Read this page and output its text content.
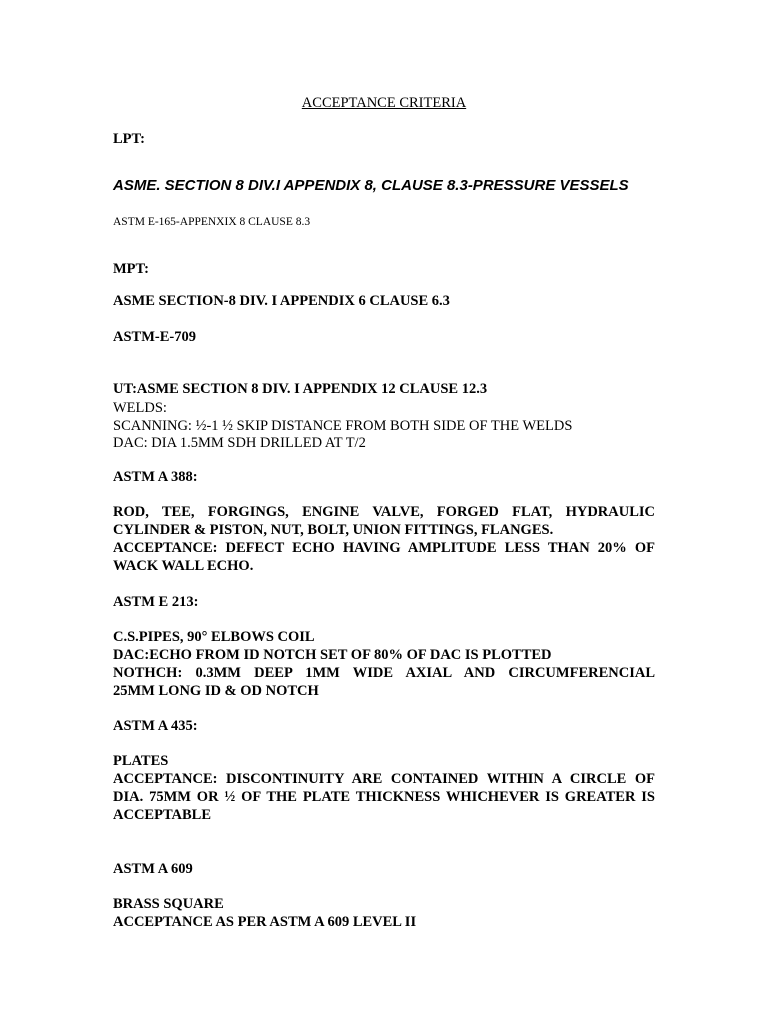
ACCEPTANCE CRITERIA
LPT:
ASME. SECTION 8 DIV.I APPENDIX 8, CLAUSE 8.3-PRESSURE VESSELS
ASTM E-165-APPENXIX 8 CLAUSE 8.3
MPT:
ASME SECTION-8 DIV. I APPENDIX 6 CLAUSE 6.3
ASTM-E-709
UT:ASME SECTION 8 DIV. I APPENDIX 12 CLAUSE 12.3
WELDS:
SCANNING: ½-1 ½ SKIP DISTANCE FROM BOTH SIDE OF THE WELDS
DAC: DIA 1.5MM SDH DRILLED AT T/2
ASTM A 388:
ROD, TEE, FORGINGS, ENGINE VALVE, FORGED FLAT, HYDRAULIC
CYLINDER & PISTON, NUT, BOLT, UNION FITTINGS, FLANGES.
ACCEPTANCE: DEFECT ECHO HAVING AMPLITUDE LESS THAN 20% OF
WACK WALL ECHO.
ASTM E 213:
C.S.PIPES, 90° ELBOWS COIL
DAC:ECHO FROM ID NOTCH SET OF 80% OF DAC IS PLOTTED
NOTHCH: 0.3MM DEEP 1MM WIDE AXIAL AND CIRCUMFERENCIAL
25MM LONG ID & OD NOTCH
ASTM A 435:
PLATES
ACCEPTANCE: DISCONTINUITY ARE CONTAINED WITHIN A CIRCLE OF
DIA. 75MM OR ½ OF THE PLATE THICKNESS WHICHEVER IS GREATER IS
ACCEPTABLE
ASTM A 609
BRASS SQUARE
ACCEPTANCE AS PER ASTM A 609 LEVEL II
